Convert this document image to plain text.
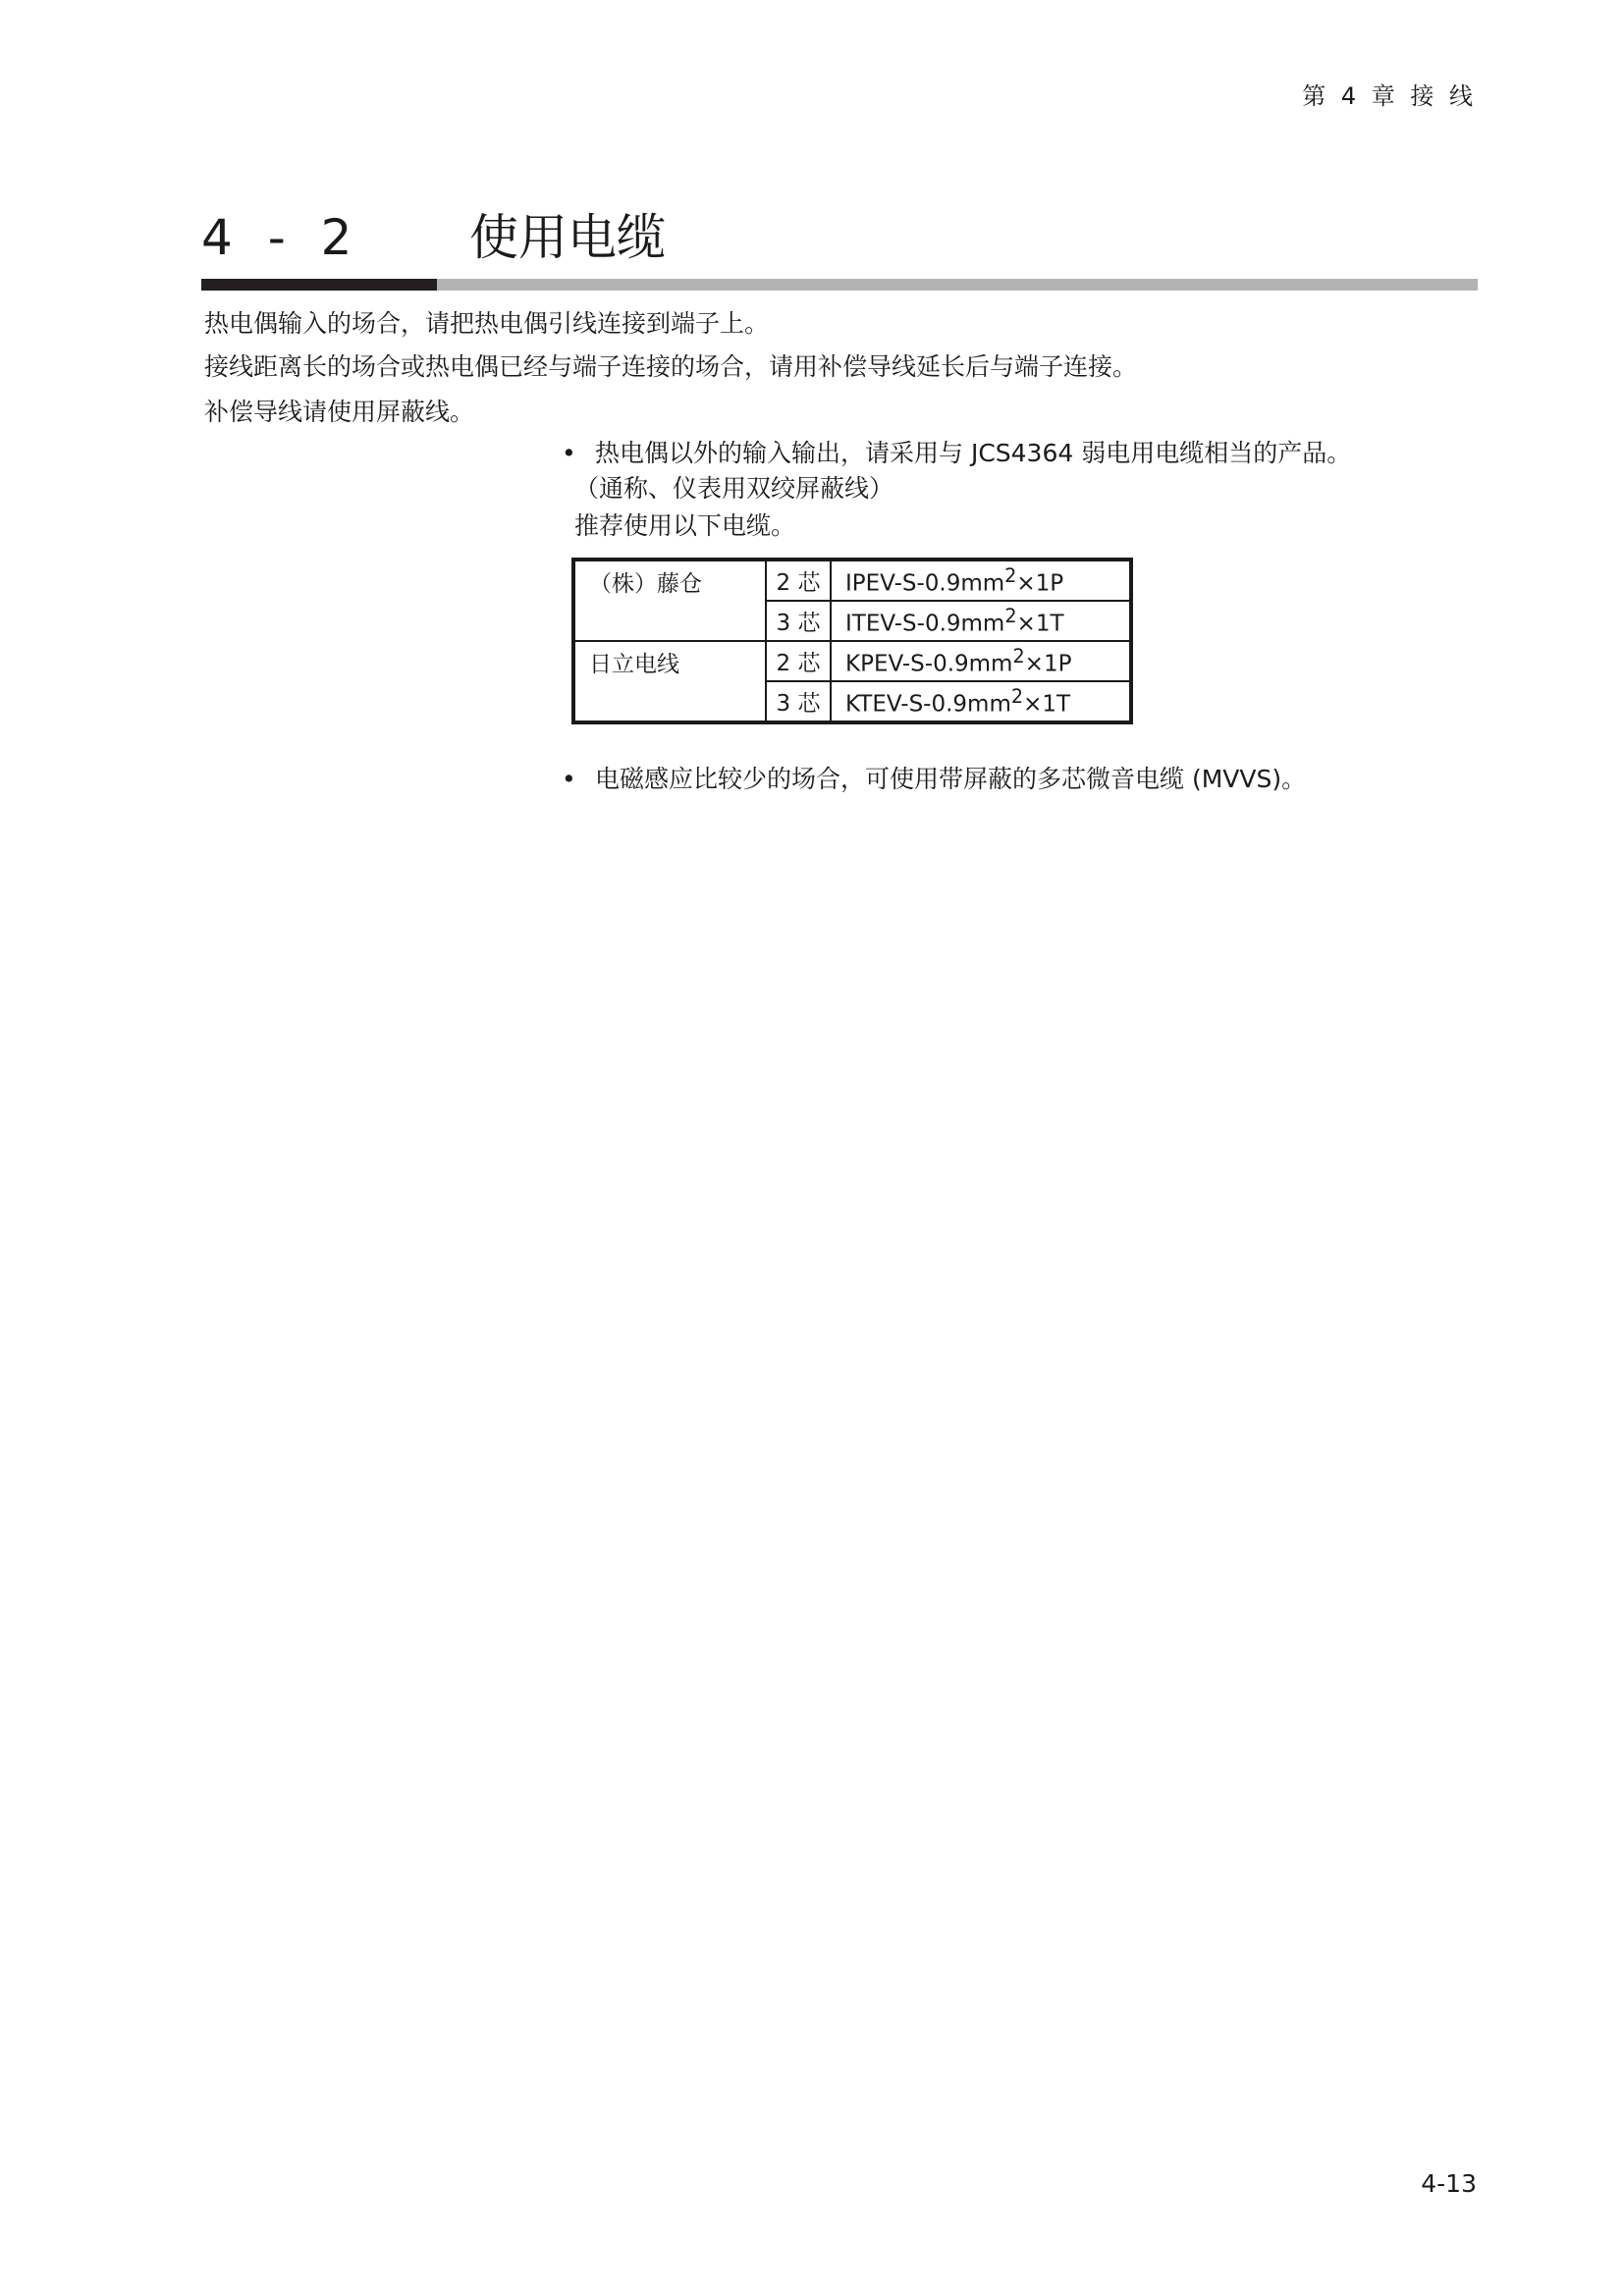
第 4 章 接 线
4 - 2 使用电缆
热电偶输入的场合，请把热电偶引线连接到端子上。
接线距离长的场合或热电偶已经与端子连接的场合，请用补偿导线延长后与端子连接。
补偿导线请使用屏蔽线。
• 热电偶以外的输入输出，请采用与 JCS4364 弱电用电缆相当的产品。
（通称、仪表用双绞屏蔽线）
推荐使用以下电缆。
（株）藤仓	2 芯	IPEV-$S-0.9mm^2\times 1P$
	3 芯	ITEV-$S-0.9mm^2\times 1T$
日立电线	2 芯	KPEV-$S-0.9mm^2\times 1P$
	3 芯	KTEV-$S-0.9mm^2\times 1T$
• 电磁感应比较少的场合，可使用带屏蔽的多芯微音电缆 (MVVS)。
4-13
